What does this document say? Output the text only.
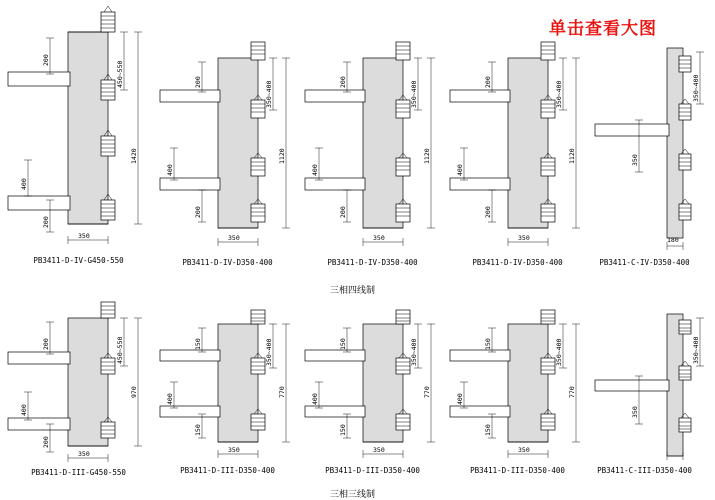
单击查看大图
200
450~550
1420
400
200
350
PB3411-D-IV-G450-550
200	350~400
1120
400
200
350
PB3411-D-IV-D350-400
200	350~400
1120
400
200
350
PB3411-D-IV-D350-400
200	350~400
1120
400
200
350
PB3411-D-IV-D350-400
350~400
350
180
PB3411-C-IV-D350-400
三相四线制
200	450~550
970
400
200
350
PB3411-D-III-G450-550
150	350~400
770
400
150
350
PB3411-D-III-D350-400
150	350~400
770
400
150
350
PB3411-D-III-D350-400
150	350~400
770
400
150
350
PB3411-D-III-D350-400
350~400
350
PB3411-C-III-D350-400
三相三线制
